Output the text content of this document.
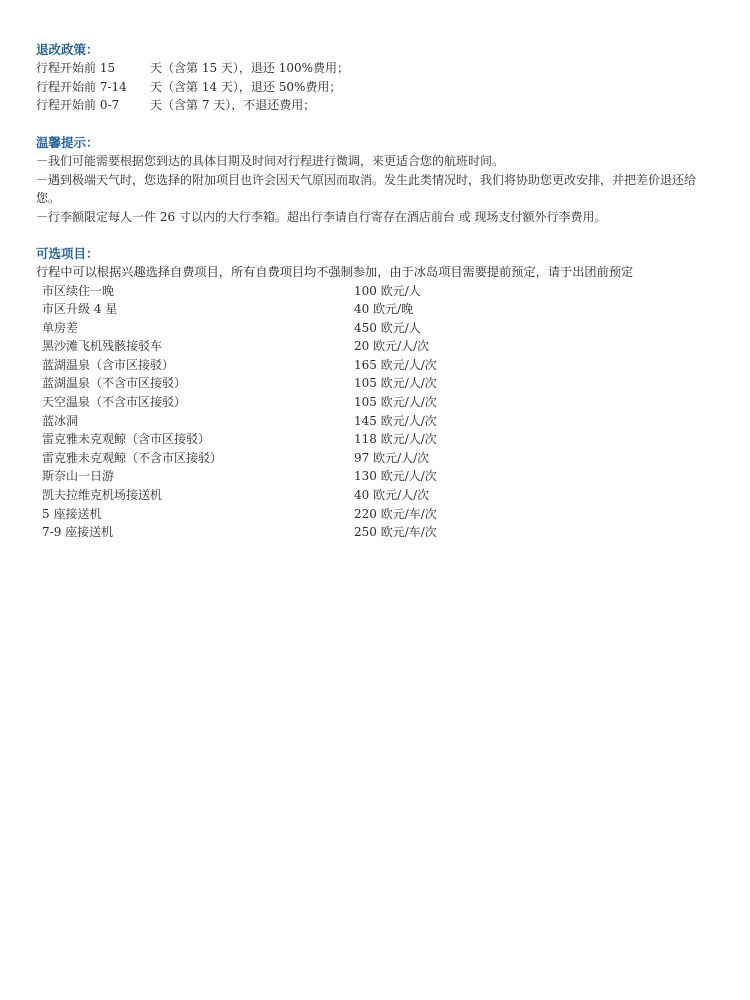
退改政策：
行程开始前 15	天（含第 15 天），退还 100%费用；
行程开始前 7-14	天（含第 14 天），退还 50%费用；
行程开始前 0-7	天（含第 7 天），不退还费用；
温馨提示：
－我们可能需要根据您到达的具体日期及时间对行程进行微调，来更适合您的航班时间。
－遇到极端天气时，您选择的附加项目也许会因天气原因而取消。发生此类情况时，我们将协助您更改安排，并把差价退还给您。
－行李额限定每人一件 26 寸以内的大行李箱。超出行李请自行寄存在酒店前台 或 现场支付额外行李费用。
可选项目：
行程中可以根据兴趣选择自费项目，所有自费项目均不强制参加，由于冰岛项目需要提前预定，请于出团前预定
市区续住一晚	100 欧元/人
市区升级 4 星	40 欧元/晚
单房差	450 欧元/人
黑沙滩飞机残骸接驳车	20 欧元/人/次
蓝湖温泉（含市区接驳）	165 欧元/人/次
蓝湖温泉（不含市区接驳）	105 欧元/人/次
天空温泉（不含市区接驳）	105 欧元/人/次
蓝冰洞	145 欧元/人/次
雷克雅未克观鲸（含市区接驳）	118 欧元/人/次
雷克雅未克观鲸（不含市区接驳）	97 欧元/人/次
斯奈山一日游	130 欧元/人/次
凯夫拉维克机场接送机	40 欧元/人/次
5 座接送机	220 欧元/车/次
7-9 座接送机	250 欧元/车/次
